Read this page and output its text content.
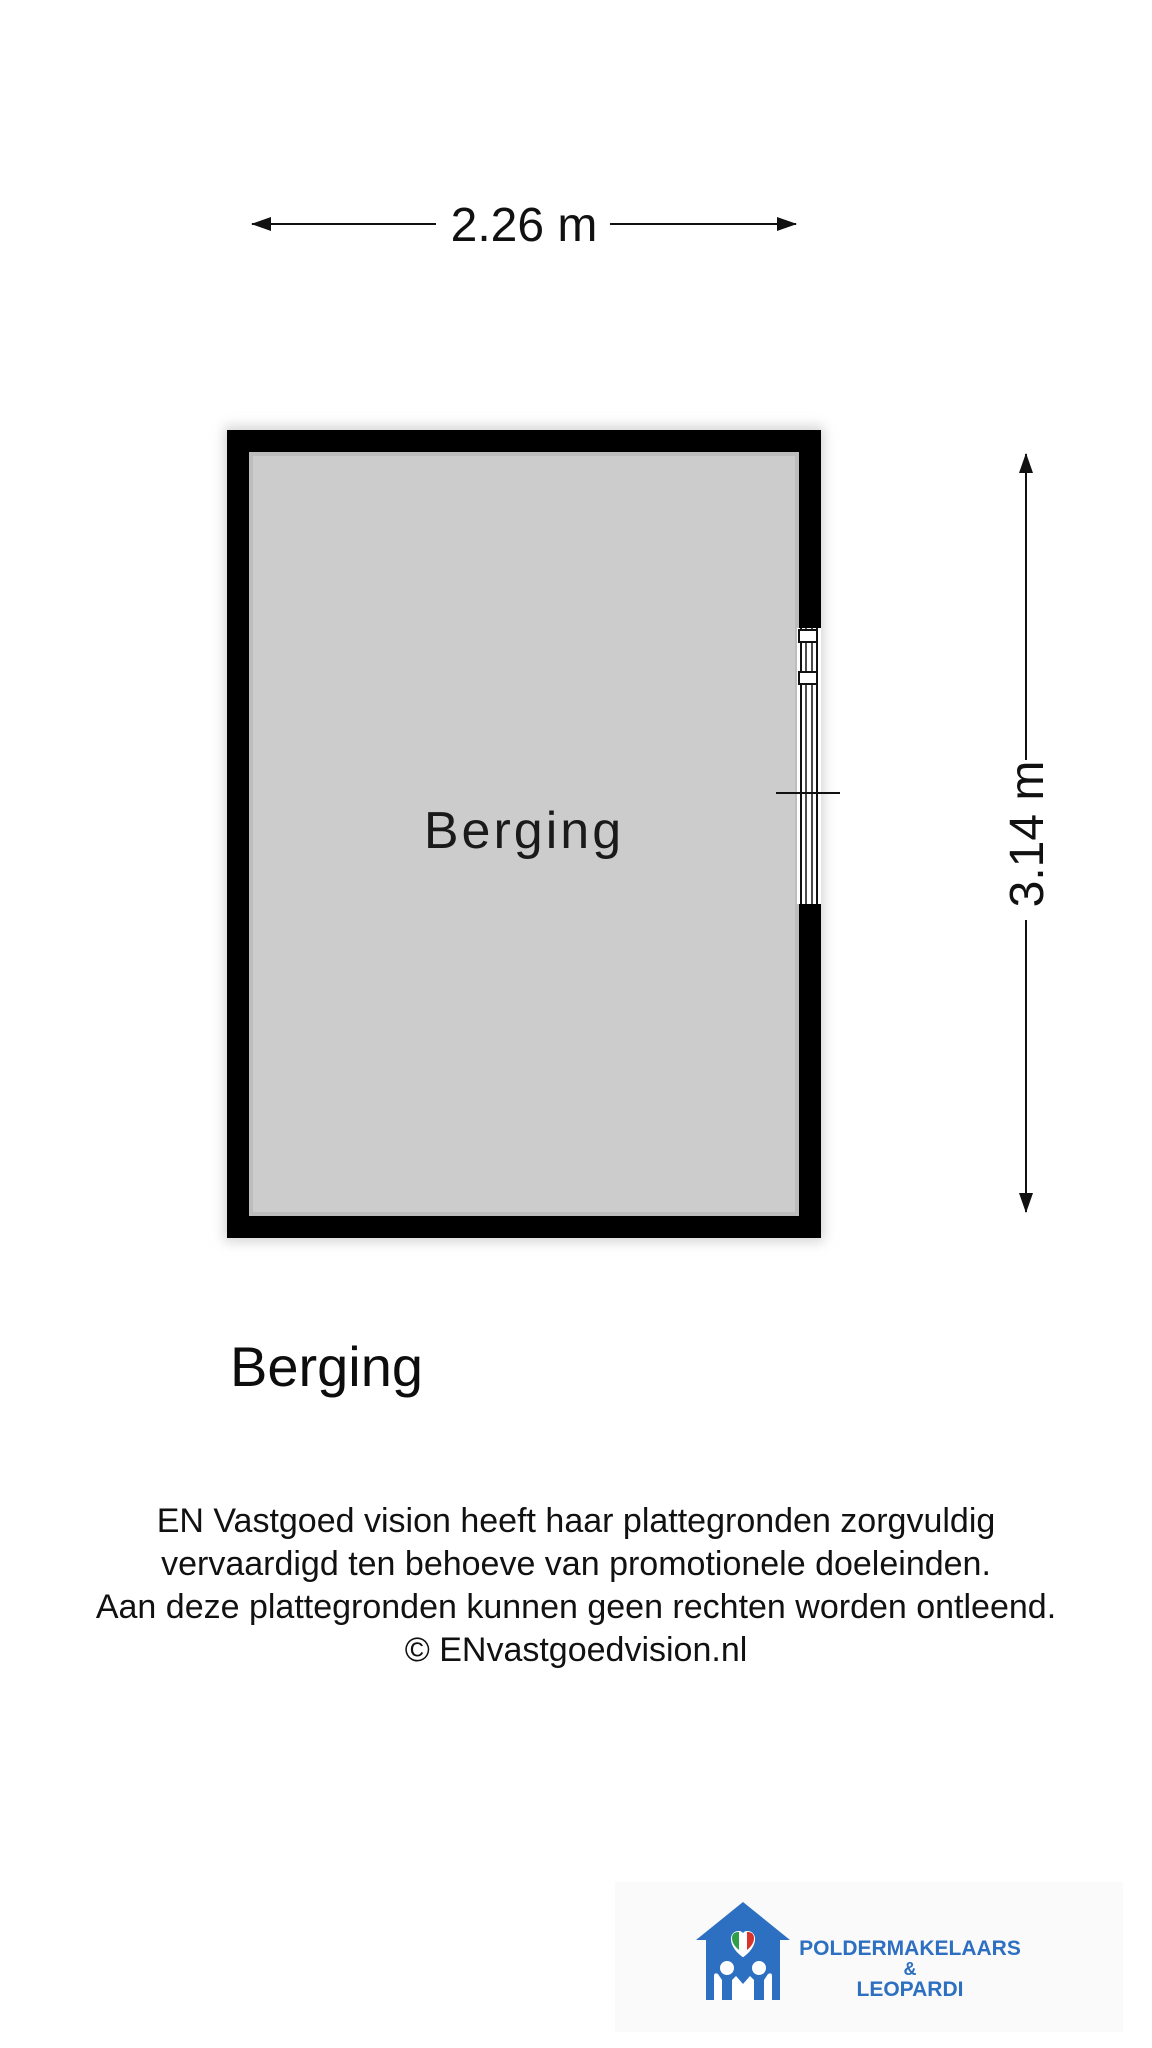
2.26 m
3.14 m
Berging
Berging
EN Vastgoed vision heeft haar plattegronden zorgvuldig
vervaardigd ten behoeve van promotionele doeleinden.
Aan deze plattegronden kunnen geen rechten worden ontleend.
© ENvastgoedvision.nl
POLDERMAKELAARS
&
LEOPARDI
